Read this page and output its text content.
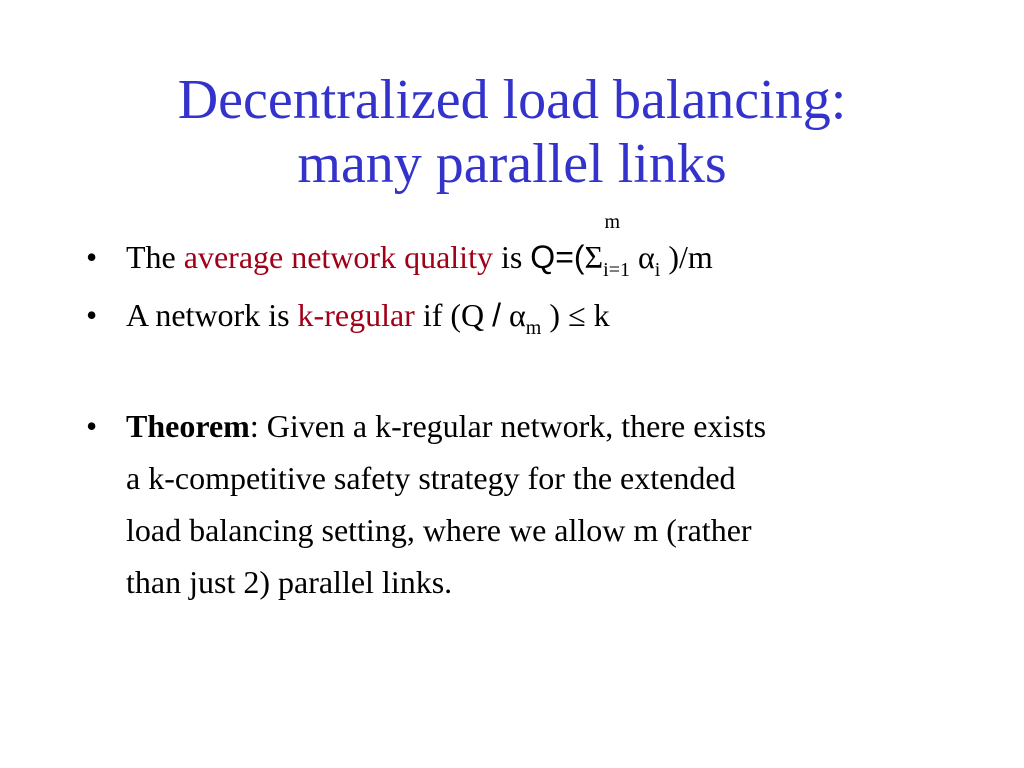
Decentralized load balancing:
many parallel links
• The average network quality is Q=(Σ
m
$_{i=1}$ $\alpha_i$ )/m
• A network is k-regular if ($Q / \alpha_m$ ) ≤ k
• Theorem: Given a k-regular network, there exists
a k-competitive safety strategy for the extended
load balancing setting, where we allow m (rather
than just 2) parallel links.
